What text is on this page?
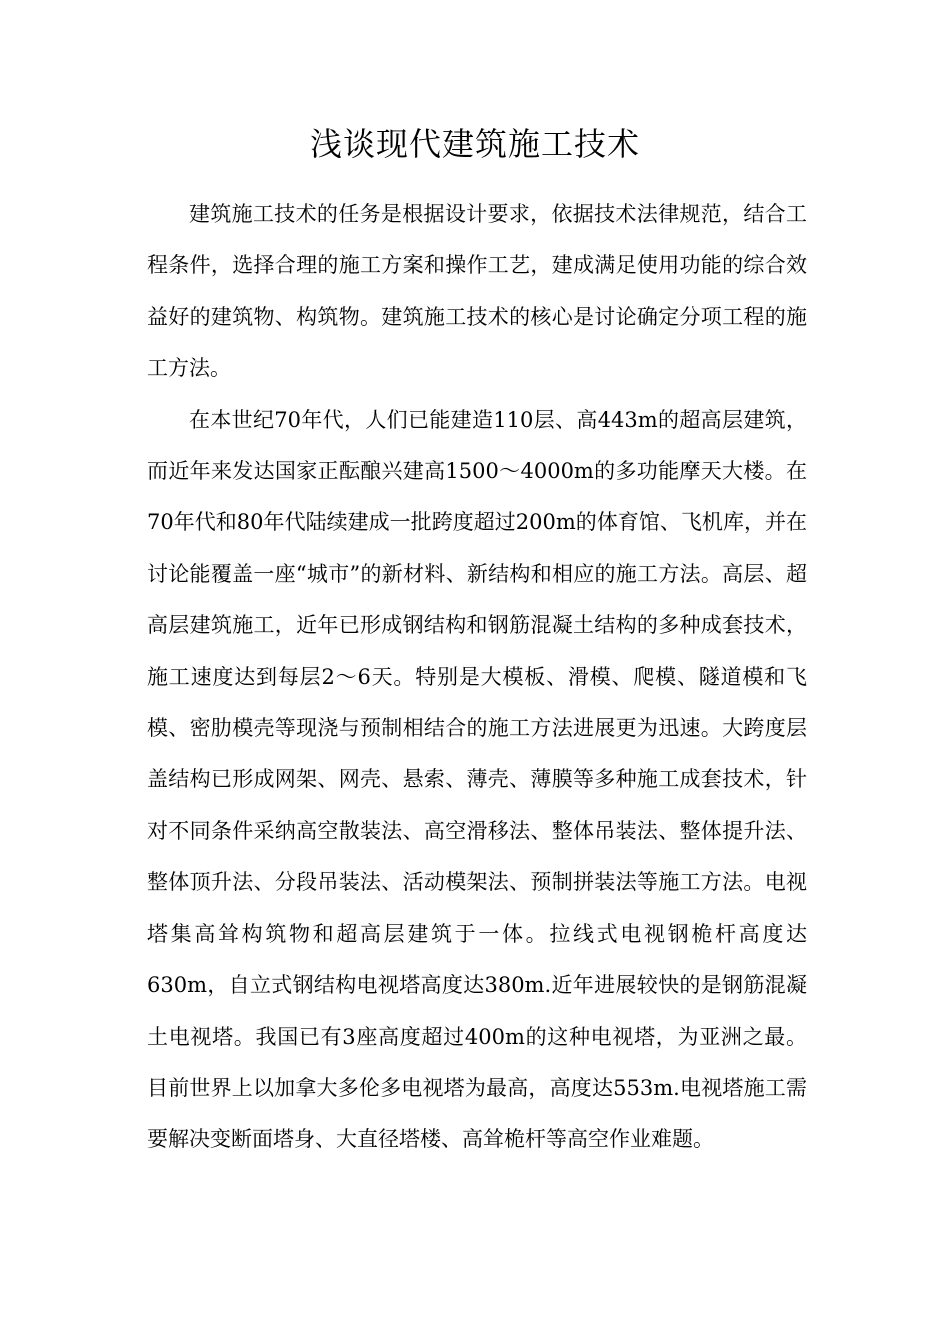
浅谈现代建筑施工技术

建筑施工技术的任务是根据设计要求，依据技术法律规范，结合工程条件，选择合理的施工方案和操作工艺，建成满足使用功能的综合效益好的建筑物、构筑物。建筑施工技术的核心是讨论确定分项工程的施工方法。

在本世纪70年代，人们已能建造110层、高443m的超高层建筑，而近年来发达国家正酝酿兴建高1500～4000m的多功能摩天大楼。在70年代和80年代陆续建成一批跨度超过200m的体育馆、飞机库，并在讨论能覆盖一座“城市”的新材料、新结构和相应的施工方法。高层、超高层建筑施工，近年已形成钢结构和钢筋混凝土结构的多种成套技术，施工速度达到每层2～6天。特别是大模板、滑模、爬模、隧道模和飞模、密肋模壳等现浇与预制相结合的施工方法进展更为迅速。大跨度层盖结构已形成网架、网壳、悬索、薄壳、薄膜等多种施工成套技术，针对不同条件采纳高空散装法、高空滑移法、整体吊装法、整体提升法、整体顶升法、分段吊装法、活动模架法、预制拼装法等施工方法。电视塔集高耸构筑物和超高层建筑于一体。拉线式电视钢桅杆高度达630m，自立式钢结构电视塔高度达380m.近年进展较快的是钢筋混凝土电视塔。我国已有3座高度超过400m的这种电视塔，为亚洲之最。目前世界上以加拿大多伦多电视塔为最高，高度达553m.电视塔施工需要解决变断面塔身、大直径塔楼、高耸桅杆等高空作业难题。
